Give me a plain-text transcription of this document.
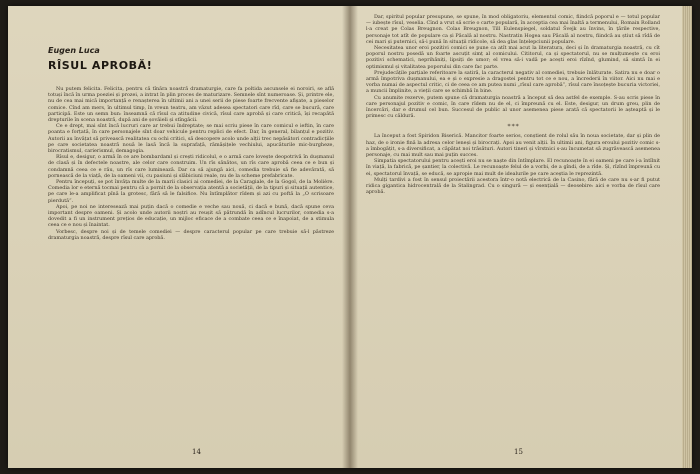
Eugen Luca

RÎSUL APROBĂ!

Nu putem felicita. Felicita, pentru că tînăra noastră dramaturgie, care fa poltida ascunsele ei noroiri, se află totuși încă în urma poeziei și prozei, a intrat în plin proces de maturizare. Semnele sînt numeroase. Și, printre ele, nu de cea mai mică importanță e renașterea în ultimii ani a unei serii de piese foarte frecvente afișate, a pieselor comice. Cînd am mers, în ultimul timp, în vreun teatru, am văzut adesea spectatori care rîd, care se bucură, care participă. Este un semn bun: înseamnă că rîsul ca atitudine civică, rîsul care aprobă și care critică, își recapătă drepturile în scena noastră, după ani de șovăieli și stîngăcii.

Ce e drept, mai sînt încă lucruri care ar trebui îndreptate; se mai scriu piese în care comicul e ieftin, în care poanta e forțată, în care personajele sînt doar vehicule pentru replici de efect. Dar, în general, bilanțul e pozitiv. Autorii au învățat să privească realitatea cu ochi critici, să descopere acolo unde alții trec nepăsători contradicțiile pe care societatea noastră nouă le lasă încă la suprafață, rămășițele vechiului, apucăturile mic-burgheze, birocratismul, carierismul, demagogia.

Rîsul e, desigur, o armă în ce are bombardaml și crești ridicolul, e o armă care lovește deopotrivă în dușmanul de clasă și în defectele noastre, ale celor care construim. Un rîs sănătos, un rîs care aprobă ceea ce e bun și condamnă ceea ce e rău, un rîs care luminează. Dar ca să ajungă aici, comedia trebuie să fie adevărată, să pornească de la viață, de la oameni vii, cu pasiuni și slăbiciuni reale, nu de la scheme prefabricate.

Pentru începuți, se pot învăța multe de la marii clasici ai comediei, de la Caragiale, de la Gogol, de la Molière. Comedia lor e eternă tocmai pentru că a pornit de la observația atentă a societății, de la tipuri și situații autentice, pe care le-a amplificat pînă la grotesc, fără să le falsifice. Nu întîmplător rîdem și azi cu poftă la „O scrisoare pierdută”.

Apoi, pe noi ne interesează mai puțin dacă o comedie e veche sau nouă, ci dacă e bună, dacă spune ceva important despre oameni. Și acolo unde autorii noștri au reușit să pătrundă în adîncul lucrurilor, comedia s-a dovedit a fi un instrument prețios de educație, un mijloc eficace de a combate ceea ce e înapoiat, de a stimula ceea ce e nou și înaintat.

Vorbesc, despre noi și de temele comediei — despre caracterul popular pe care trebuie să-l păstreze dramaturgia noastră, despre rîsul care aprobă.

14

Dar, spiritul popular presupune, se spune, în mod obligatoriu, elementul comic, fiindcă poporul e — totul popular — iubește rîsul, veselia. Cînd a vrut să scrie o carte populară, în acceptia cea mai înaltă a termenului, Romain Rolland l-a creat pe Colas Breugnon. Colas Breugnon, Till Eulenspiegel, soldatul Švejk au învins, în țările respective, personaje tot atît de populare ca și Păcală al nostru. Nastratin Hogea sau Păcală al nostru, fiindcă au știut să rîdă de cei mari și puternici, să-i pună în situații ridicole, să dea glas înțelepciunii populare.

Necesitatea unor eroi pozitivi comici se pune ca atît mai acut la literatura, deci și în dramaturgia noastră, cu cît poporul nostru posedă un foarte ascuțit simț al comicului. Cititorul, ca și spectatorul, nu se mulțumește cu eroi pozitivi schematici, neprihăniți, lipsiți de umor; el vrea să-i vadă pe acești eroi rîzînd, glumind, să simtă în ei optimismul și vitalitatea poporului din care fac parte.

Prejudecățile parțiale referitoare la satiră, la caracterul negativ al comediei, trebuie înlăturate. Satira nu e doar o armă împotriva dușmanului, ea e și o expresie a dragostei pentru tot ce e nou, a încrederii în viitor. Aici nu mai e vorba numai de aspectul critic, ci de ceea ce am putea numi „rîsul care aprobă”, rîsul care însoțește bucuria victoriei, a muncii împlinite, a vieții care se schimbă în bine.

Cu anumite rezerve, putem spune că dramaturgia noastră a început să dea astfel de exemple. S-au scris piese în care personajul pozitiv e comic, în care rîdem nu de el, ci împreună cu el. Este, desigur, un drum greu, plin de încercări, dar e drumul cel bun. Succesul de public al unor asemenea piese arată că spectatorii le așteaptă și le primesc cu căldură.

∗∗∗

La început a fost Spiridon Biserică. Mancitor foarte serios, conștient de rolul său în noua societate, dar și plin de haz, de o ironie fină la adresa celor leneși și birocrați. Apoi au venit alții. În ultimii ani, figura eroului pozitiv comic s-a îmbogățit, s-a diversificat, a căpătat noi trăsături. Autori tineri și vîrstnici s-au încumetat să zugrăvească asemenea personaje, cu mai mult sau mai puțin succes.

Simpatia spectatorului pentru acești eroi nu se naște din întîmplare. El recunoaște în ei oameni pe care i-a întîlnit în viață, la fabrică, pe șantier, la colectivă. Le recunoaște felul de a vorbi, de a gîndi, de a rîde. Și, rîzînd împreună cu ei, spectatorul învață, se educă, se apropie mai mult de idealurile pe care aceștia le reprezintă.

Mulți tardivi a fost în sensul proiectării acestora într-o notă electrică de la Casino, fără de care nu s-ar fi putut ridica gigantica hidrocentrală de la Stalingrad. Cu o singură — și esențială — deosebire: aici e vorba de rîsul care aprobă.

15
